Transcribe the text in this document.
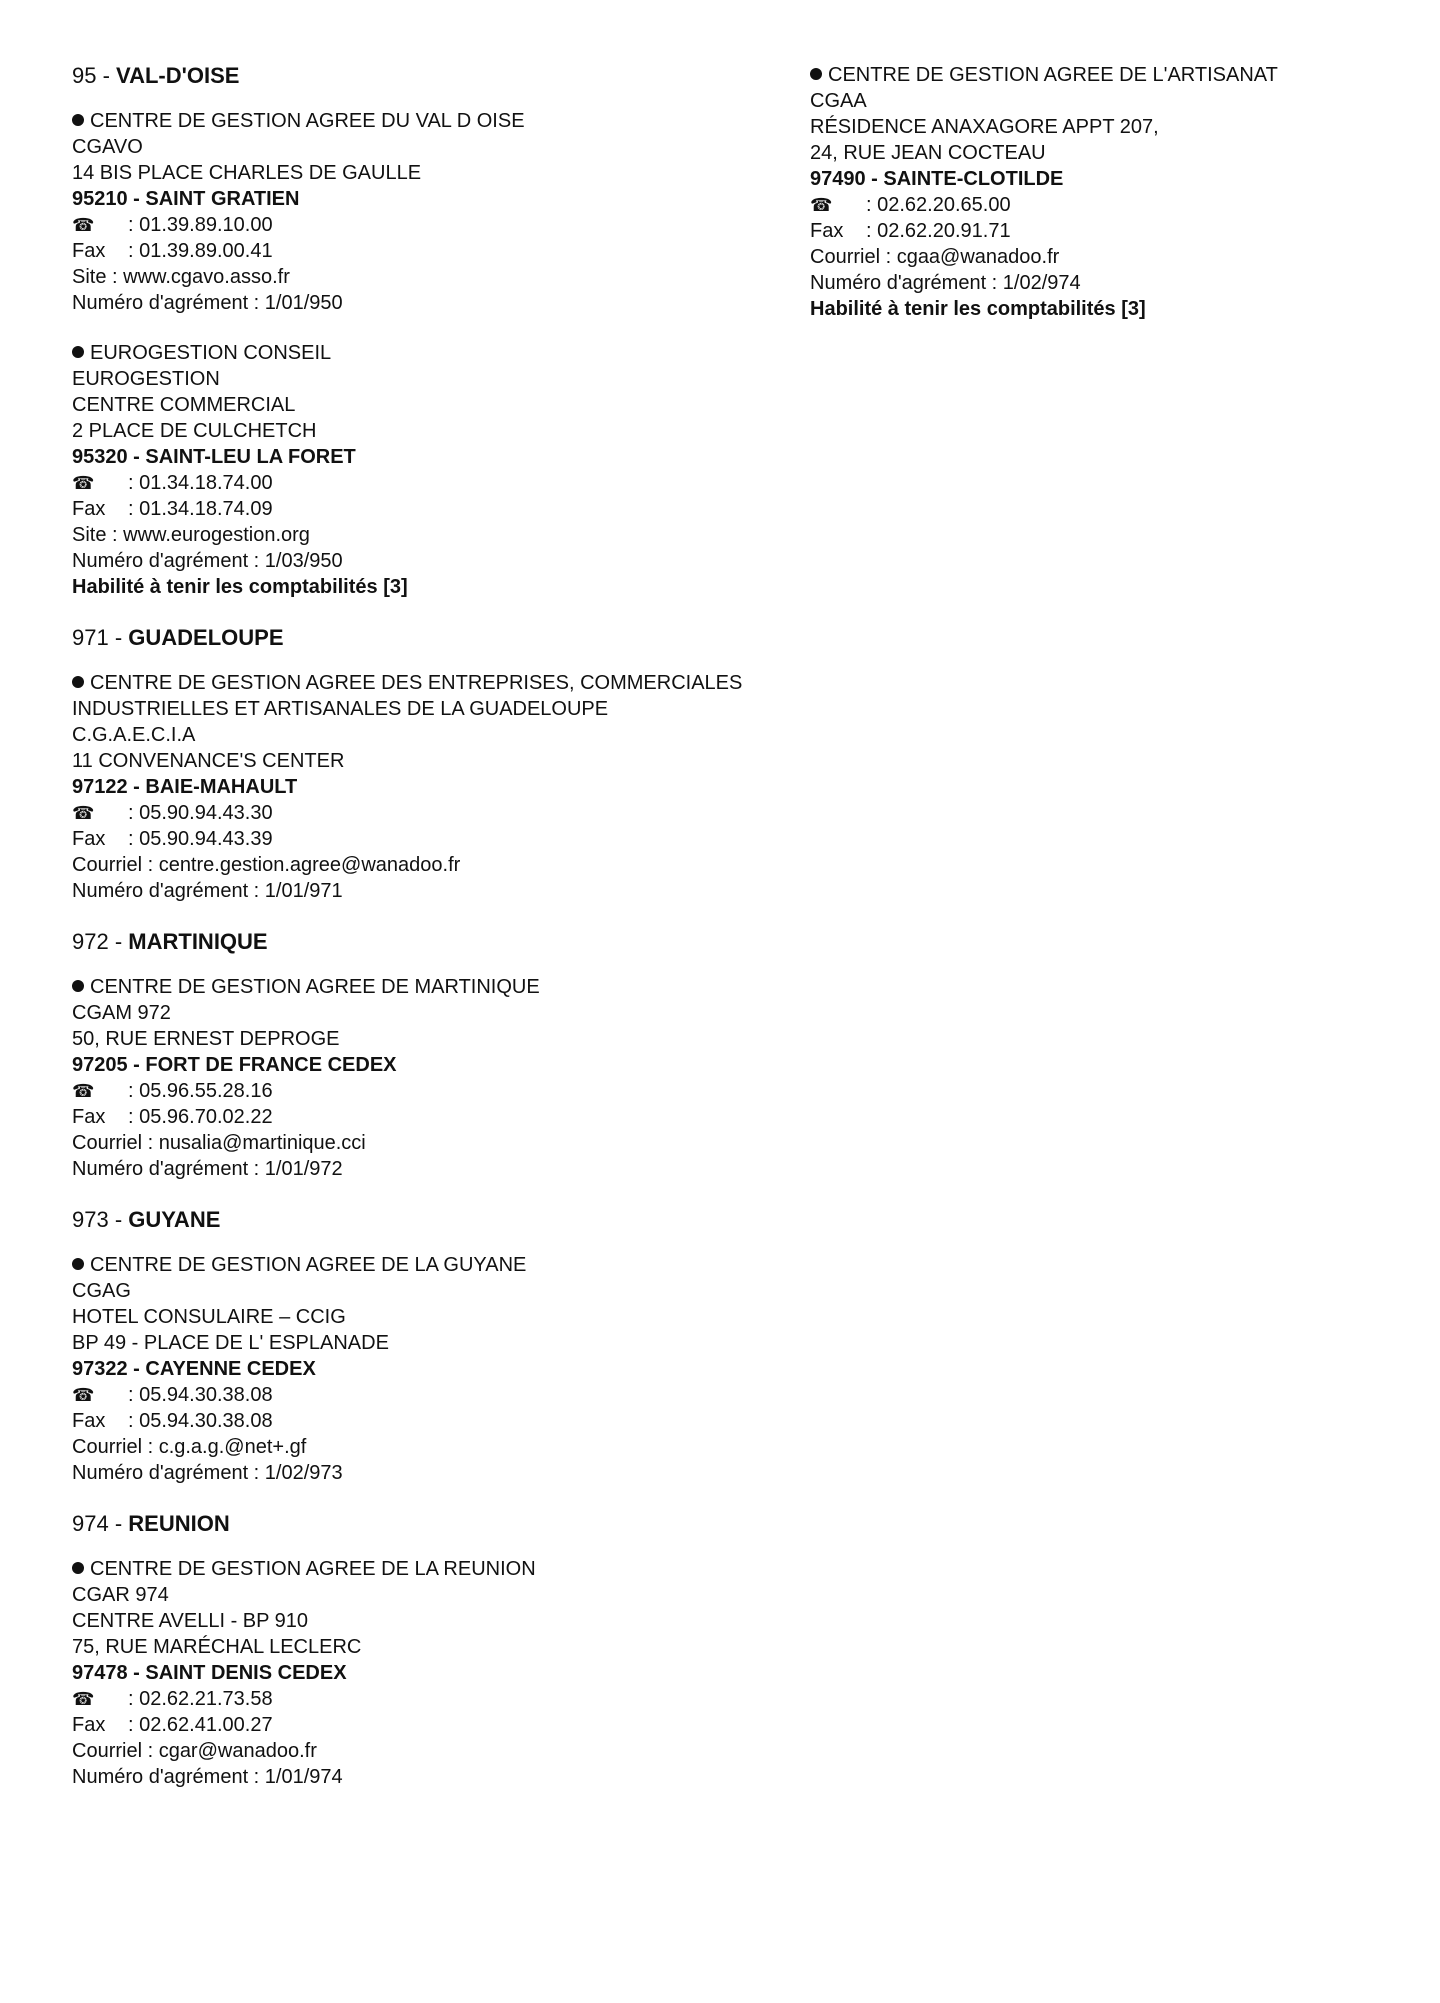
95 - VAL-D'OISE
CENTRE DE GESTION AGREE DU VAL D OISE
CGAVO
14 BIS PLACE CHARLES DE GAULLE
95210 - SAINT GRATIEN
☎ : 01.39.89.10.00
Fax : 01.39.89.00.41
Site : www.cgavo.asso.fr
Numéro d'agrément : 1/01/950
EUROGESTION CONSEIL
EUROGESTION
CENTRE COMMERCIAL
2 PLACE DE CULCHETCH
95320 - SAINT-LEU LA FORET
☎ : 01.34.18.74.00
Fax : 01.34.18.74.09
Site : www.eurogestion.org
Numéro d'agrément : 1/03/950
Habilité à tenir les comptabilités [3]
971 - GUADELOUPE
CENTRE DE GESTION AGREE DES ENTREPRISES, COMMERCIALES INDUSTRIELLES ET ARTISANALES DE LA GUADELOUPE
C.G.A.E.C.I.A
11 CONVENANCE'S CENTER
97122 - BAIE-MAHAULT
☎ : 05.90.94.43.30
Fax : 05.90.94.43.39
Courriel : centre.gestion.agree@wanadoo.fr
Numéro d'agrément : 1/01/971
972 - MARTINIQUE
CENTRE DE GESTION AGREE DE MARTINIQUE
CGAM 972
50, RUE ERNEST DEPROGE
97205 - FORT DE FRANCE CEDEX
☎ : 05.96.55.28.16
Fax : 05.96.70.02.22
Courriel : nusalia@martinique.cci
Numéro d'agrément : 1/01/972
973 - GUYANE
CENTRE DE GESTION AGREE DE LA GUYANE
CGAG
HOTEL CONSULAIRE – CCIG
BP 49 - PLACE DE L' ESPLANADE
97322 - CAYENNE CEDEX
☎ : 05.94.30.38.08
Fax : 05.94.30.38.08
Courriel : c.g.a.g.@net+.gf
Numéro d'agrément : 1/02/973
974 - REUNION
CENTRE DE GESTION AGREE DE LA REUNION
CGAR 974
CENTRE AVELLI - BP 910
75, RUE MARÉCHAL LECLERC
97478 - SAINT DENIS CEDEX
☎ : 02.62.21.73.58
Fax : 02.62.41.00.27
Courriel : cgar@wanadoo.fr
Numéro d'agrément : 1/01/974
CENTRE DE GESTION AGREE DE L'ARTISANAT
CGAA
RÉSIDENCE ANAXAGORE APPT 207,
24, RUE JEAN COCTEAU
97490 - SAINTE-CLOTILDE
☎ : 02.62.20.65.00
Fax : 02.62.20.91.71
Courriel : cgaa@wanadoo.fr
Numéro d'agrément : 1/02/974
Habilité à tenir les comptabilités [3]
